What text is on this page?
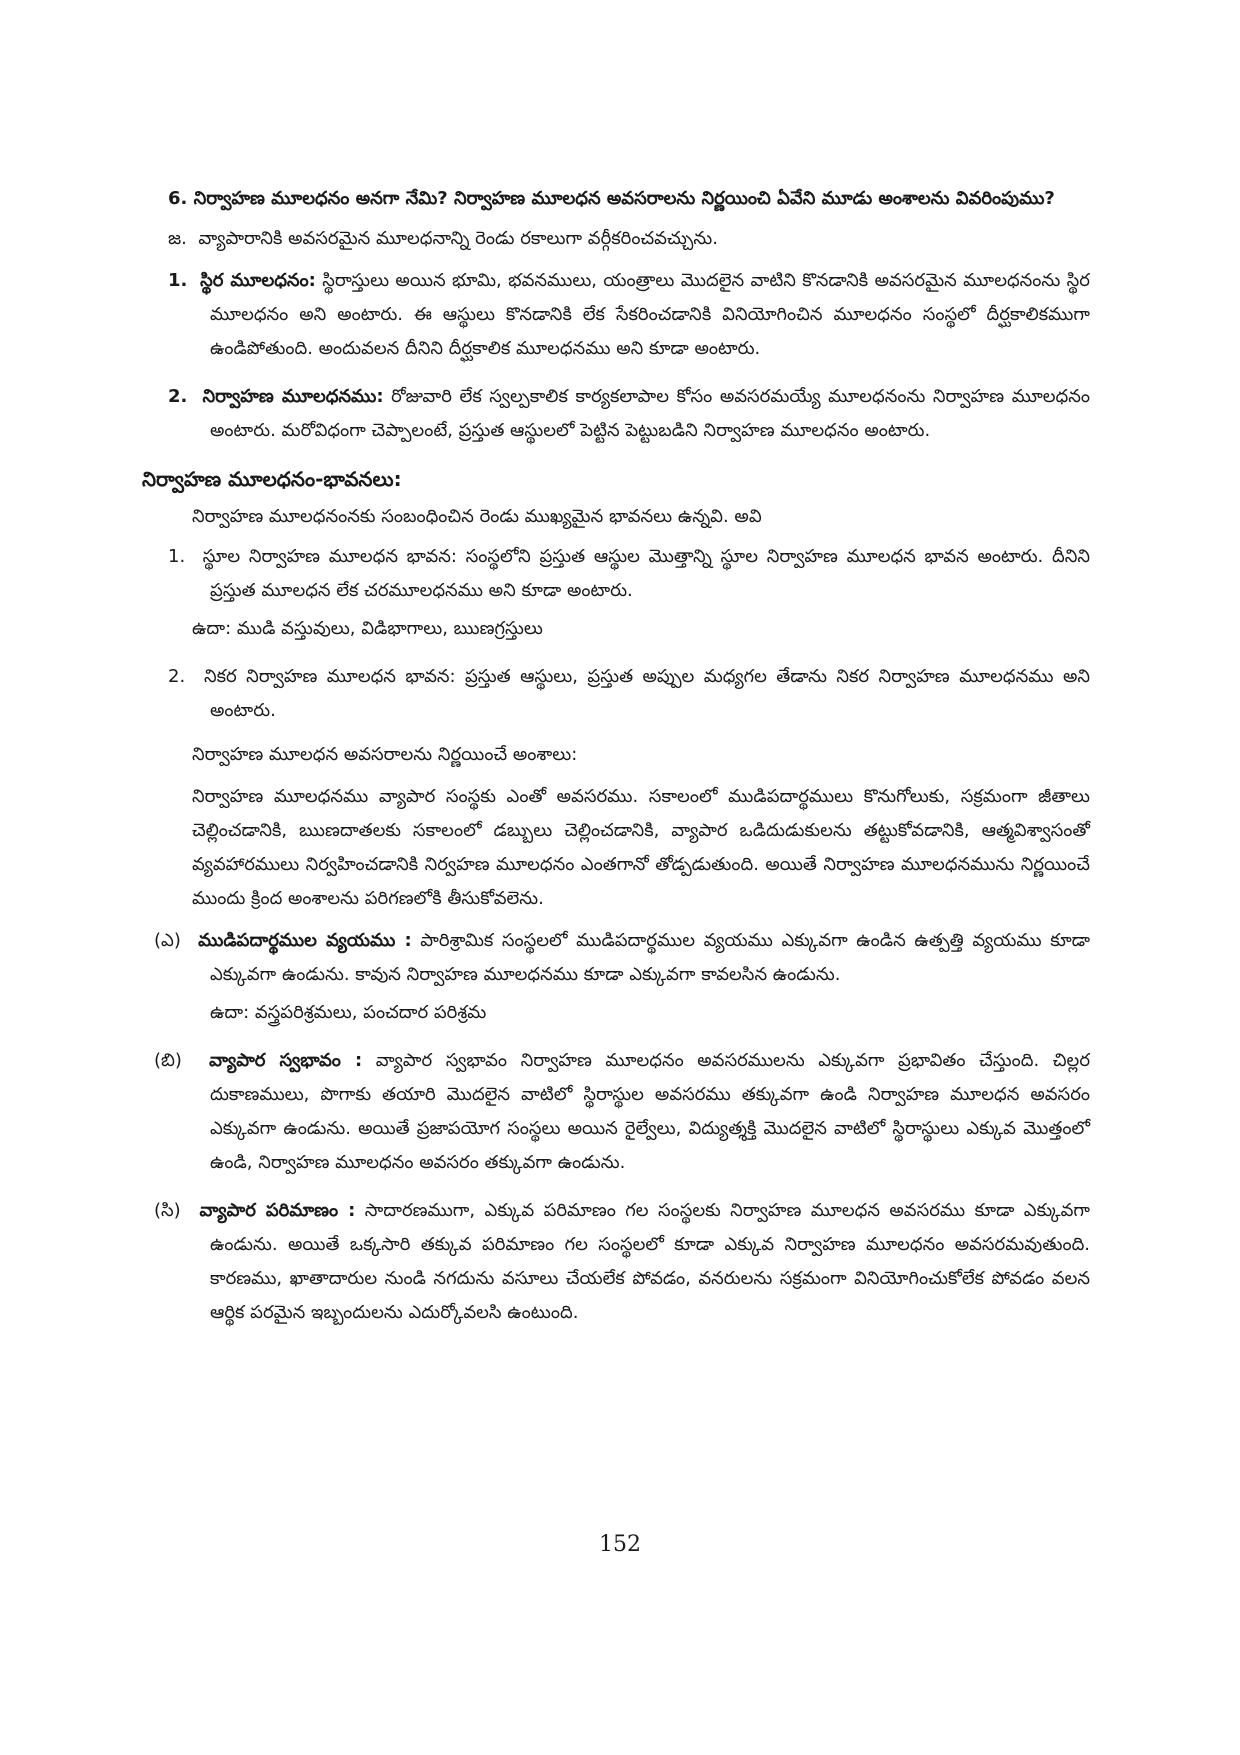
6. నిర్వాహణ మూలధనం అనగా నేమి? నిర్వాహణ మూలధన అవసరాలను నిర్ణయించి ఏవేని మూడు అంశాలను వివరింపుము?
జ. వ్యాపారానికి అవసరమైన మూలధనాన్ని రెండు రకాలుగా వర్గీకరించవచ్చును.
1. స్థిర మూలధనం: స్థిరాస్తులు అయిన భూమి, భవనములు, యంత్రాలు మొదలైన వాటిని కొనడానికి అవసరమైన మూలధనంను స్థిర మూలధనం అని అంటారు. ఈ ఆస్థులు కొనడానికి లేక సేకరించడానికి వినియోగించిన మూలధనం సంస్థలో దీర్ఘకాలికముగా ఉండిపోతుంది. అందువలన దీనిని దీర్ఘకాలిక మూలధనము అని కూడా అంటారు.
2. నిర్వాహణ మూలధనము: రోజువారి లేక స్వల్పకాలిక కార్యకలాపాల కోసం అవసరమయ్యే మూలధనంను నిర్వాహణ మూలధనం అంటారు. మరోవిధంగా చెప్పాలంటే, ప్రస్తుత ఆస్థులలో పెట్టిన పెట్టుబడిని నిర్వాహణ మూలధనం అంటారు.
నిర్వాహణ మూలధనం-భావనలు:
నిర్వాహణ మూలధనంనకు సంబంధించిన రెండు ముఖ్యమైన భావనలు ఉన్నవి. అవి
1. స్థూల నిర్వాహణ మూలధన భావన: సంస్థలోని ప్రస్తుత ఆస్థుల మొత్తాన్ని స్థూల నిర్వాహణ మూలధన భావన అంటారు. దీనిని ప్రస్తుత మూలధన లేక చరమూలధనము అని కూడా అంటారు.
ఉదా: ముడి వస్తువులు, విడిభాగాలు, ఋణగ్రస్తులు
2. నికర నిర్వాహణ మూలధన భావన: ప్రస్తుత ఆస్థులు, ప్రస్తుత అప్పుల మధ్యగల తేడాను నికర నిర్వాహణ మూలధనము అని అంటారు.
నిర్వాహణ మూలధన అవసరాలను నిర్ణయించే అంశాలు:
నిర్వాహణ మూలధనము వ్యాపార సంస్థకు ఎంతో అవసరము. సకాలంలో ముడిపదార్థములు కొనుగోలుకు, సక్రమంగా జీతాలు చెల్లించడానికి, ఋణదాతలకు సకాలంలో డబ్బులు చెల్లించడానికి, వ్యాపార ఒడిదుడుకులను తట్టుకోవడానికి, ఆత్మవిశ్వాసంతో వ్యవహారములు నిర్వహించడానికి నిర్వహణ మూలధనం ఎంతగానో తోడ్పడుతుంది. అయితే నిర్వాహణ మూలధనమును నిర్ణయించే ముందు క్రింద అంశాలను పరిగణలోకి తీసుకోవలెను.
(ఎ) ముడిపదార్థముల వ్యయము : పారిశ్రామిక సంస్థలలో ముడిపదార్థముల వ్యయము ఎక్కువగా ఉండిన ఉత్పత్తి వ్యయము కూడా ఎక్కువగా ఉండును. కావున నిర్వాహణ మూలధనము కూడా ఎక్కువగా కావలసిన ఉండును.
ఉదా: వస్త్రపరిశ్రమలు, పంచదార పరిశ్రమ
(బి) వ్యాపార స్వభావం : వ్యాపార స్వభావం నిర్వాహణ మూలధనం అవసరములను ఎక్కువగా ప్రభావితం చేస్తుంది. చిల్లర దుకాణములు, పొగాకు తయారి మొదలైన వాటిలో స్థిరాస్థుల అవసరము తక్కువగా ఉండి నిర్వాహణ మూలధన అవసరం ఎక్కువగా ఉండును. అయితే ప్రజాపయోగ సంస్థలు అయిన రైల్వేలు, విద్యుత్శక్తి మొదలైన వాటిలో స్థిరాస్థులు ఎక్కువ మొత్తంలో ఉండి, నిర్వాహణ మూలధనం అవసరం తక్కువగా ఉండును.
(సి) వ్యాపార పరిమాణం : సాదారణముగా, ఎక్కువ పరిమాణం గల సంస్థలకు నిర్వాహణ మూలధన అవసరము కూడా ఎక్కువగా ఉండును. అయితే ఒక్కసారి తక్కువ పరిమాణం గల సంస్థలలో కూడా ఎక్కువ నిర్వాహణ మూలధనం అవసరమవుతుంది. కారణము, ఖాతాదారుల నుండి నగదును వసూలు చేయలేక పోవడం, వనరులను సక్రమంగా వినియోగించుకోలేక పోవడం వలన ఆర్థిక పరమైన ఇబ్బందులను ఎదుర్కోవలసి ఉంటుంది.
152
